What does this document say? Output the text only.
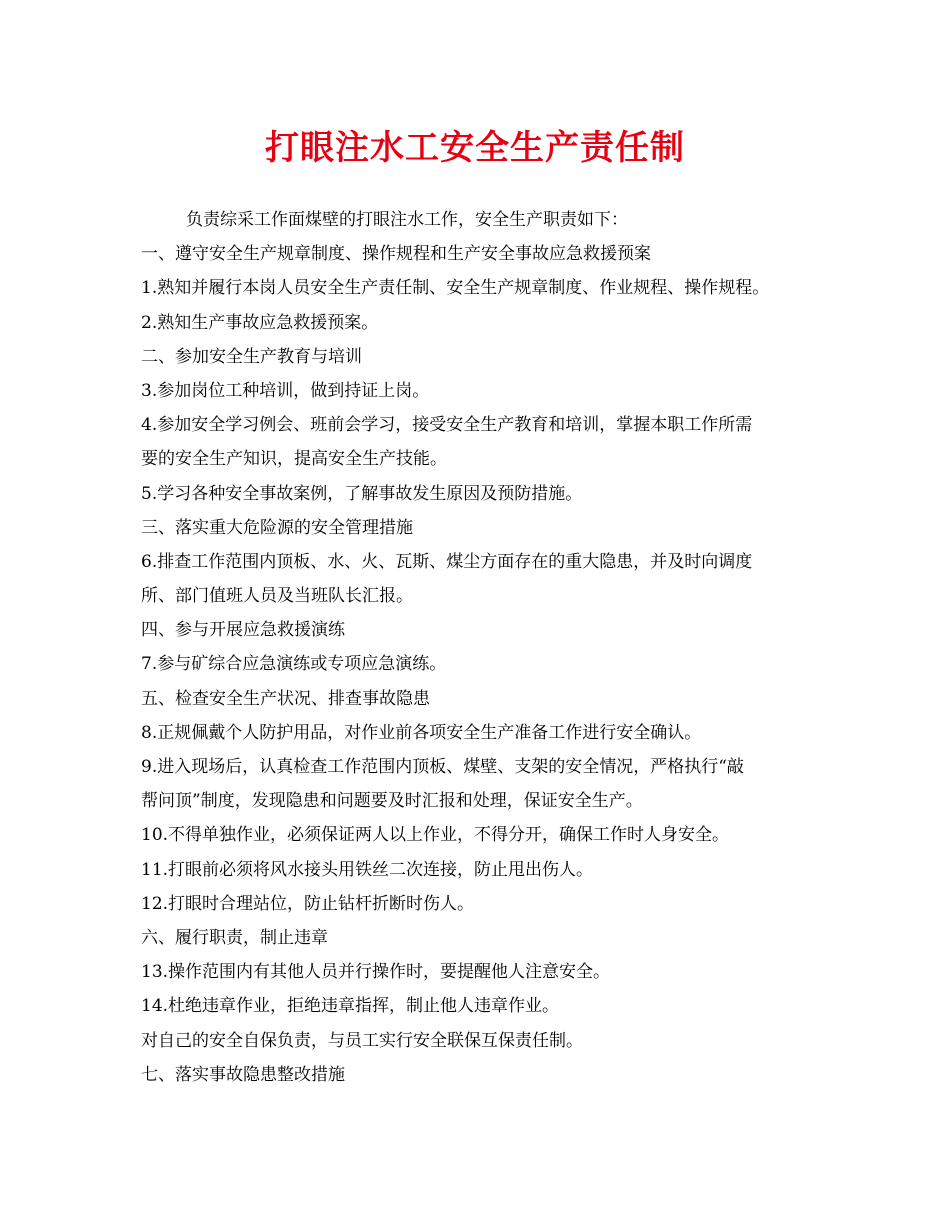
打眼注水工安全生产责任制
负责综采工作面煤壁的打眼注水工作，安全生产职责如下：
一、遵守安全生产规章制度、操作规程和生产安全事故应急救援预案
1.熟知并履行本岗人员安全生产责任制、安全生产规章制度、作业规程、操作规程。
2.熟知生产事故应急救援预案。
二、参加安全生产教育与培训
3.参加岗位工种培训，做到持证上岗。
4.参加安全学习例会、班前会学习，接受安全生产教育和培训，掌握本职工作所需
要的安全生产知识，提高安全生产技能。
5.学习各种安全事故案例，了解事故发生原因及预防措施。
三、落实重大危险源的安全管理措施
6.排查工作范围内顶板、水、火、瓦斯、煤尘方面存在的重大隐患，并及时向调度
所、部门值班人员及当班队长汇报。
四、参与开展应急救援演练
7.参与矿综合应急演练或专项应急演练。
五、检查安全生产状况、排查事故隐患
8.正规佩戴个人防护用品，对作业前各项安全生产准备工作进行安全确认。
9.进入现场后，认真检查工作范围内顶板、煤壁、支架的安全情况，严格执行“敲
帮问顶”制度，发现隐患和问题要及时汇报和处理，保证安全生产。
10.不得单独作业，必须保证两人以上作业，不得分开，确保工作时人身安全。
11.打眼前必须将风水接头用铁丝二次连接，防止甩出伤人。
12.打眼时合理站位，防止钻杆折断时伤人。
六、履行职责，制止违章
13.操作范围内有其他人员并行操作时，要提醒他人注意安全。
14.杜绝违章作业，拒绝违章指挥，制止他人违章作业。
对自己的安全自保负责，与员工实行安全联保互保责任制。
七、落实事故隐患整改措施
